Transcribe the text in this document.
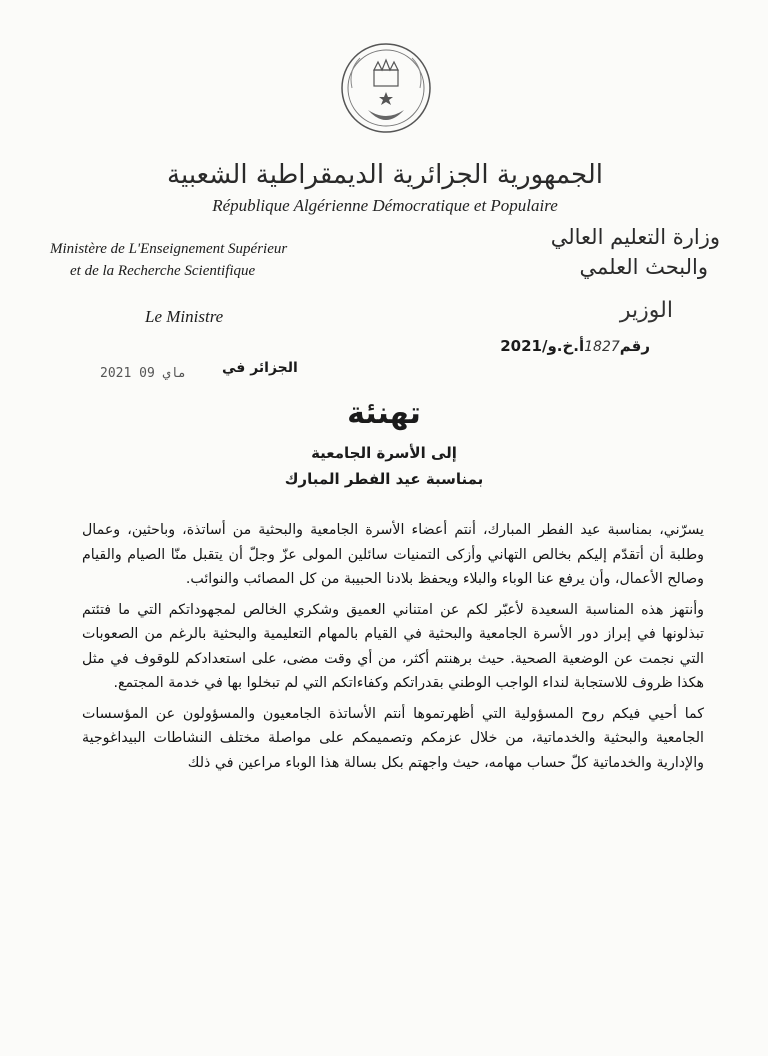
الجمهورية الجزائرية الديمقراطية الشعبية
République Algérienne Démocratique et Populaire
Ministère de L'Enseignement Supérieur
et de la Recherche Scientifique
وزارة التعليم العالي
والبحث العلمي
Le Ministre	الوزير
رقم1827أ.خ.و/2021
الجزائر في
2021 ماي 09
تهنئة
إلى الأسرة الجامعية
بمناسبة عيد الفطر المبارك

يسرّني، بمناسبة عيد الفطر المبارك، أنتم أعضاء الأسرة الجامعية والبحثية من أساتذة، وباحثين، وعمال وطلبة أن أتقدّم إليكم بخالص التهاني وأزكى التمنيات سائلين المولى عزّ وجلّ أن يتقبل منّا الصيام والقيام وصالح الأعمال، وأن يرفع عنا الوباء والبلاء ويحفظ بلادنا الحبيبة من كل المصائب والنوائب.

وأنتهز هذه المناسبة السعيدة لأعبّر لكم عن امتناني العميق وشكري الخالص لمجهوداتكم التي ما فتئتم تبذلونها في إبراز دور الأسرة الجامعية والبحثية في القيام بالمهام التعليمية والبحثية بالرغم من الصعوبات التي نجمت عن الوضعية الصحية. حيث برهنتم أكثر، من أي وقت مضى، على استعدادكم للوقوف في مثل هكذا ظروف للاستجابة لنداء الواجب الوطني بقدراتكم وكفاءاتكم التي لم تبخلوا بها في خدمة المجتمع.

كما أحيي فيكم روح المسؤولية التي أظهرتموها أنتم الأساتذة الجامعيون والمسؤولون عن المؤسسات الجامعية والبحثية والخدماتية، من خلال عزمكم وتصميمكم على مواصلة مختلف النشاطات البيداغوجية والإدارية والخدماتية كلّ حساب مهامه، حيث واجهتم بكل بسالة هذا الوباء مراعين في ذلك
